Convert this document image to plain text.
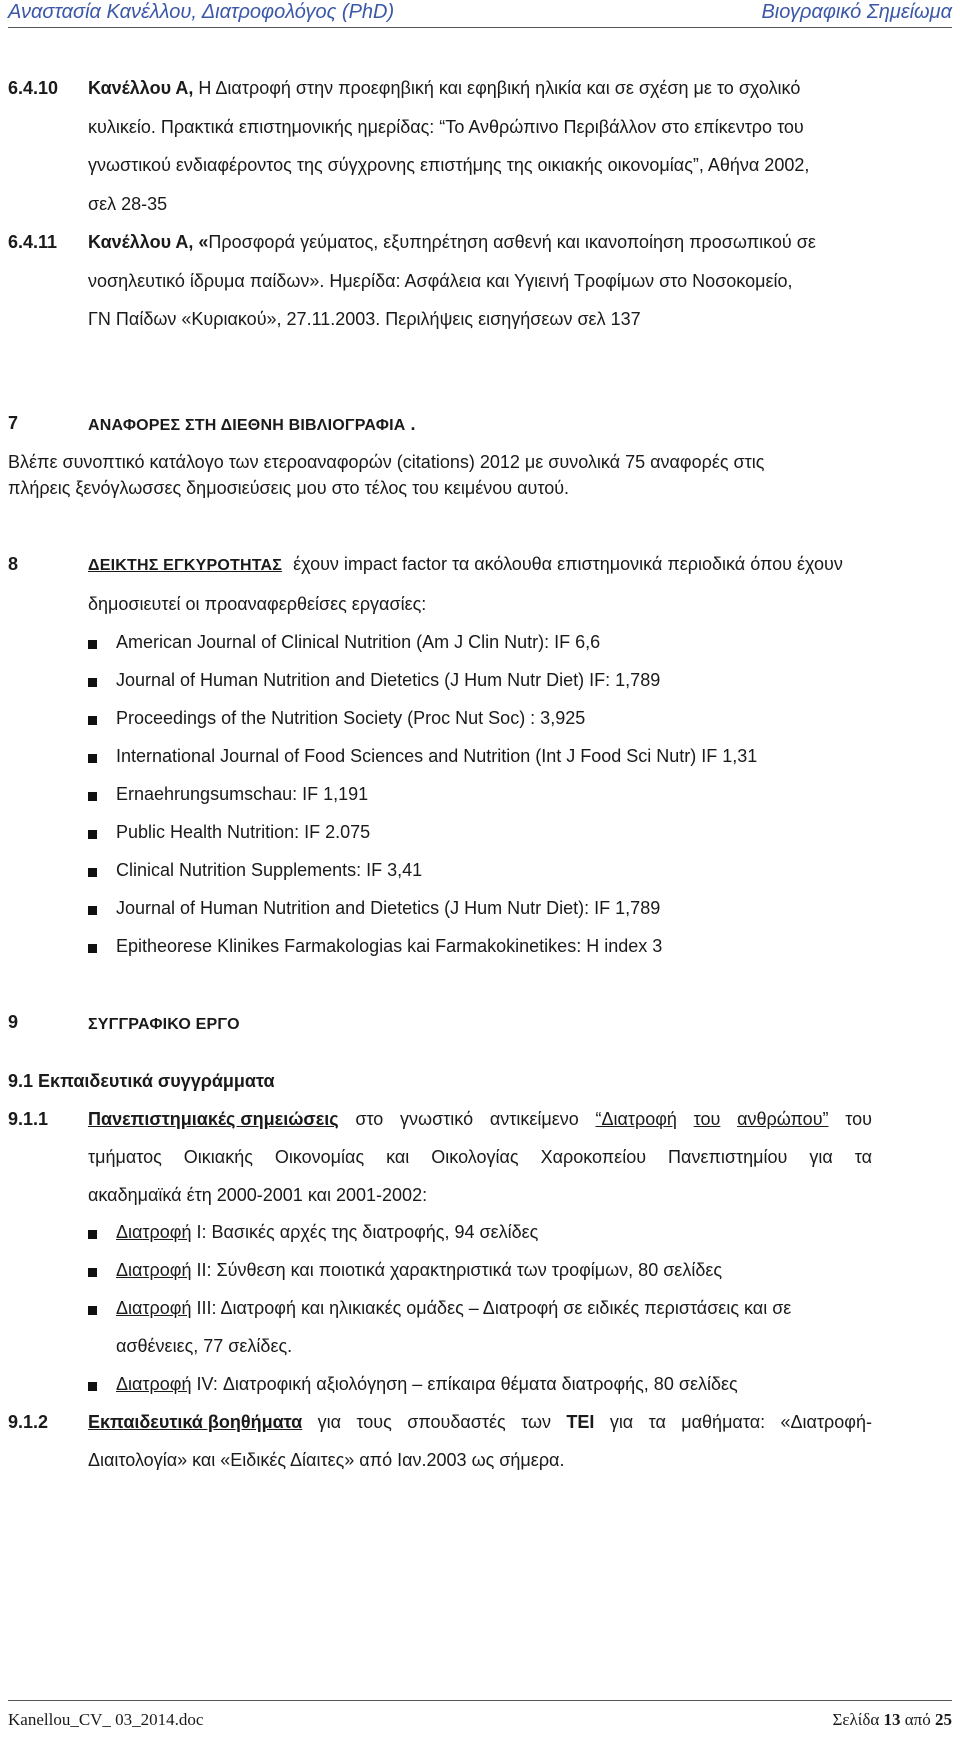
Αναστασία Κανέλλου, Διατροφολόγος (PhD)	Βιογραφικό Σημείωμα
6.4.10 Κανέλλου Α, Η Διατροφή στην προεφηβική και εφηβική ηλικία και σε σχέση με το σχολικό
κυλικείο. Πρακτικά επιστημονικής ημερίδας: “Το Ανθρώπινο Περιβάλλον στο επίκεντρο του
γνωστικού ενδιαφέροντος της σύγχρονης επιστήμης της οικιακής οικονομίας”, Αθήνα 2002,
σελ 28-35
6.4.11 Κανέλλου Α, «Προσφορά γεύματος, εξυπηρέτηση ασθενή και ικανοποίηση προσωπικού σε
νοσηλευτικό ίδρυμα παίδων». Ημερίδα: Ασφάλεια και Υγιεινή Τροφίμων στο Νοσοκομείο,
ΓΝ Παίδων «Κυριακού», 27.11.2003. Περιλήψεις εισηγήσεων σελ 137
7	ΑΝΑΦΟΡΕΣ ΣΤΗ ΔΙΕΘΝΗ ΒΙΒΛΙΟΓΡΑΦΙΑ .
Βλέπε συνοπτικό κατάλογο των ετεροαναφορών (citations) 2012 με συνολικά 75 αναφορές στις
πλήρεις ξενόγλωσσες δημοσιεύσεις μου στο τέλος του κειμένου αυτού.
8	ΔΕΙΚΤΗΣ ΕΓΚΥΡΟΤΗΤΑΣ έχουν impact factor τα ακόλουθα επιστημονικά περιοδικά όπου έχουν
δημοσιευτεί οι προαναφερθείσες εργασίες:
American Journal of Clinical Nutrition (Am J Clin Nutr): IF 6,6
Journal of Human Nutrition and Dietetics (J Hum Nutr Diet) IF: 1,789
Proceedings of the Nutrition Society (Proc Nut Soc) : 3,925
International Journal of Food Sciences and Nutrition (Int J Food Sci Nutr) IF 1,31
Ernaehrungsumschau: IF 1,191
Public Health Nutrition: IF 2.075
Clinical Nutrition Supplements: IF 3,41
Journal of Human Nutrition and Dietetics (J Hum Nutr Diet): IF 1,789
Epitheorese Klinikes Farmakologias kai Farmakokinetikes: H index 3
9	ΣΥΓΓΡΑΦΙΚΟ ΕΡΓΟ
9.1 Εκπαιδευτικά συγγράμματα
9.1.1 Πανεπιστημιακές σημειώσεις στο γνωστικό αντικείμενο “Διατροφή του ανθρώπου” του
τμήματος Οικιακής Οικονομίας και Οικολογίας Χαροκοπείου Πανεπιστημίου για τα
ακαδημαϊκά έτη 2000-2001 και 2001-2002:
Διατροφή Ι: Βασικές αρχές της διατροφής, 94 σελίδες
Διατροφή ΙΙ: Σύνθεση και ποιοτικά χαρακτηριστικά των τροφίμων, 80 σελίδες
Διατροφή ΙΙΙ: Διατροφή και ηλικιακές ομάδες – Διατροφή σε ειδικές περιστάσεις και σε
ασθένειες, 77 σελίδες.
Διατροφή ΙV: Διατροφική αξιολόγηση – επίκαιρα θέματα διατροφής, 80 σελίδες
9.1.2 Εκπαιδευτικά βοηθήματα για τους σπουδαστές των ΤΕΙ για τα μαθήματα: «Διατροφή-
Διαιτολογία» και «Ειδικές Δίαιτες» από Ιαν.2003 ως σήμερα.
Kanellou_CV_ 03_2014.doc	Σελίδα 13 από 25
